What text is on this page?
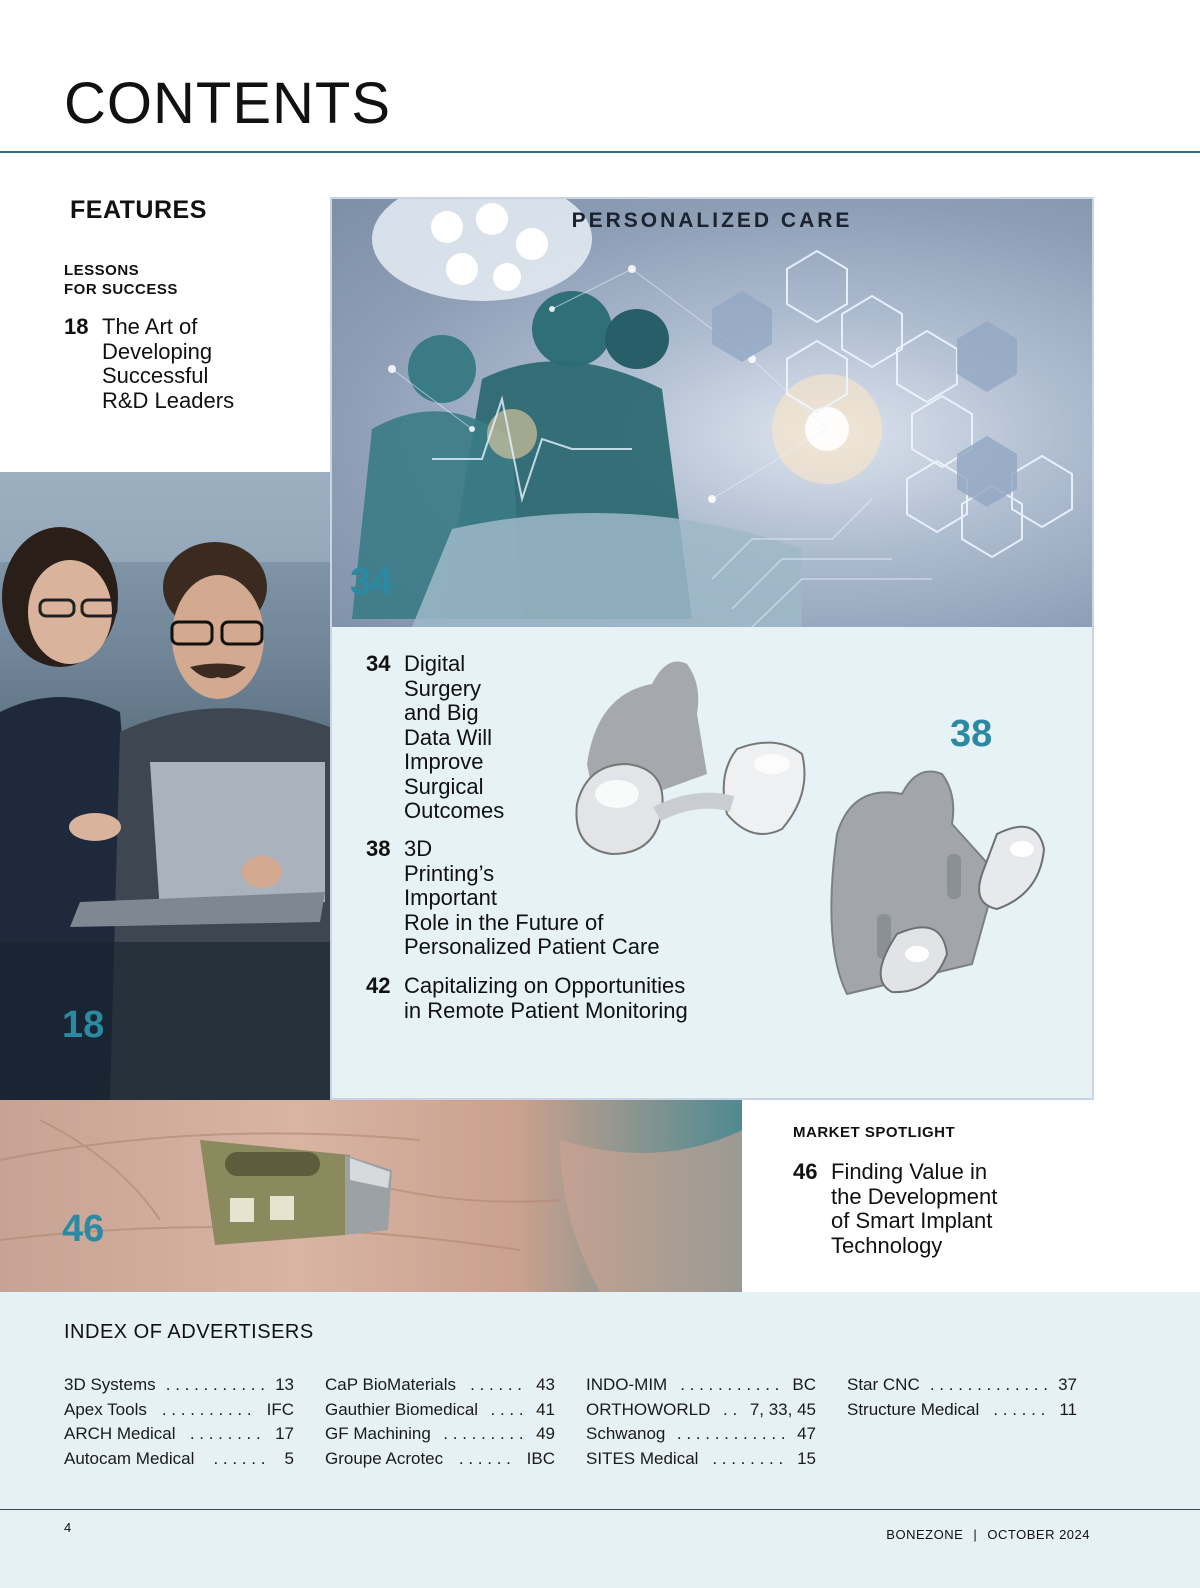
CONTENTS
FEATURES
LESSONS
FOR SUCCESS
18 The Art of
Developing
Successful
R&D Leaders
18
PERSONALIZED CARE
34
38
34 Digital
Surgery
and Big
Data Will
Improve
Surgical
Outcomes
38 3D
Printing’s
Important
Role in the Future of
Personalized Patient Care
42 Capitalizing on Opportunities
in Remote Patient Monitoring
46
MARKET SPOTLIGHT
46 Finding Value in
the Development
of Smart Implant
Technology
INDEX OF ADVERTISERS
3D Systems . . . . . . . . . . . 13
Apex Tools . . . . . . . . . . IFC
ARCH Medical . . . . . . . . 17
Autocam Medical . . . . . . 5
CaP BioMaterials . . . . . . 43
Gauthier Biomedical . . . . 41
GF Machining . . . . . . . . . 49
Groupe Acrotec . . . . . . IBC
INDO-MIM . . . . . . . . . . . BC
ORTHOWORLD . . 7, 33, 45
Schwanog . . . . . . . . . . . . 47
SITES Medical . . . . . . . . 15
Star CNC . . . . . . . . . . . . . 37
Structure Medical . . . . . . 11
4	BONEZONE | OCTOBER 2024
